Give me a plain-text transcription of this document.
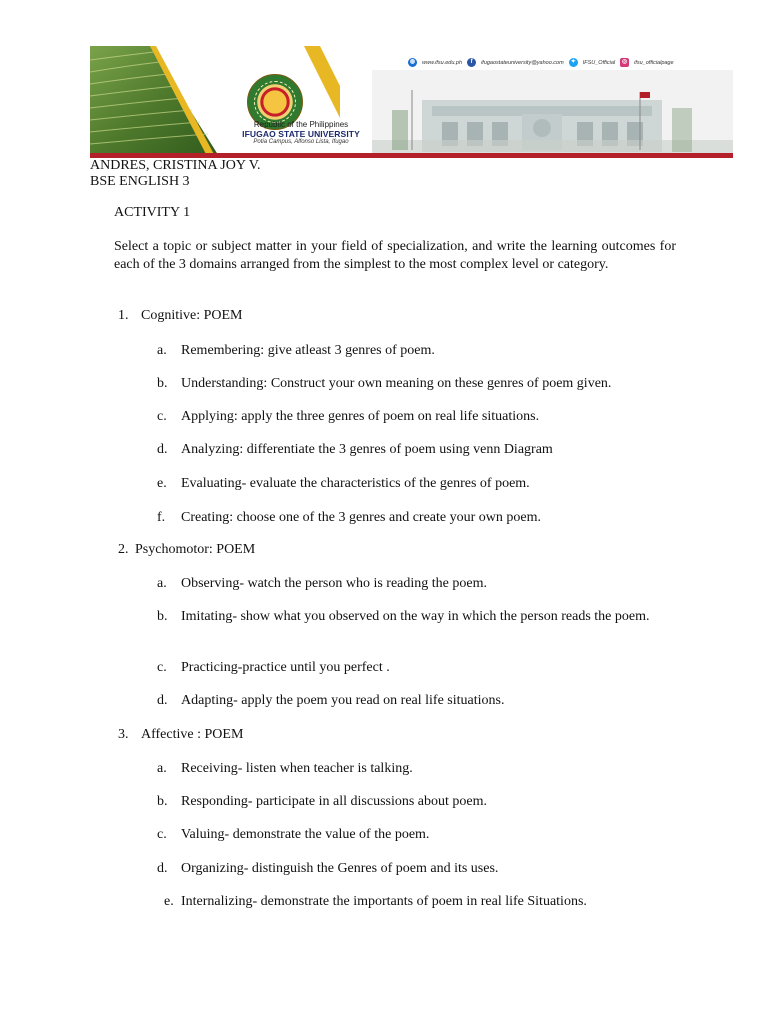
Republic of the Philippines
IFUGAO STATE UNIVERSITY
Potia Campus, Alfonso Lista, Ifugao
◍	www.ifsu.edu.ph	f	ifugaostateuniversity@yahoo.com	✦	IFSU_Official	◎	ifsu_officialpage
ANDRES, CRISTINA JOY V.
BSE ENGLISH 3
ACTIVITY 1
Select a topic or subject matter in your field of specialization, and write the learning outcomes for each of the 3 domains arranged from the simplest to the most complex level or category.
1. Cognitive: POEM
a.	Remembering: give atleast 3 genres of poem.
b. Understanding: Construct your own meaning on these genres of poem given.
c.	Applying: apply the three genres of poem on real life situations.
d. Analyzing: differentiate the 3 genres of poem using venn Diagram
e.	Evaluating- evaluate the characteristics of the genres of poem.
f.	Creating: choose one of the 3 genres and create your own poem.
2. Psychomotor: POEM
a.	Observing- watch the person who is reading the poem.
b. Imitating- show what you observed on the way in which the person reads the poem.
c.	Practicing-practice until you perfect .
d. Adapting- apply the poem you read on real life situations.
3. Affective : POEM
a.	Receiving- listen when teacher is talking.
b. Responding- participate in all discussions about poem.
c.	Valuing- demonstrate the value of the poem.
d. Organizing- distinguish the Genres of poem and its uses.
e. Internalizing- demonstrate the importants of poem in real life Situations.
